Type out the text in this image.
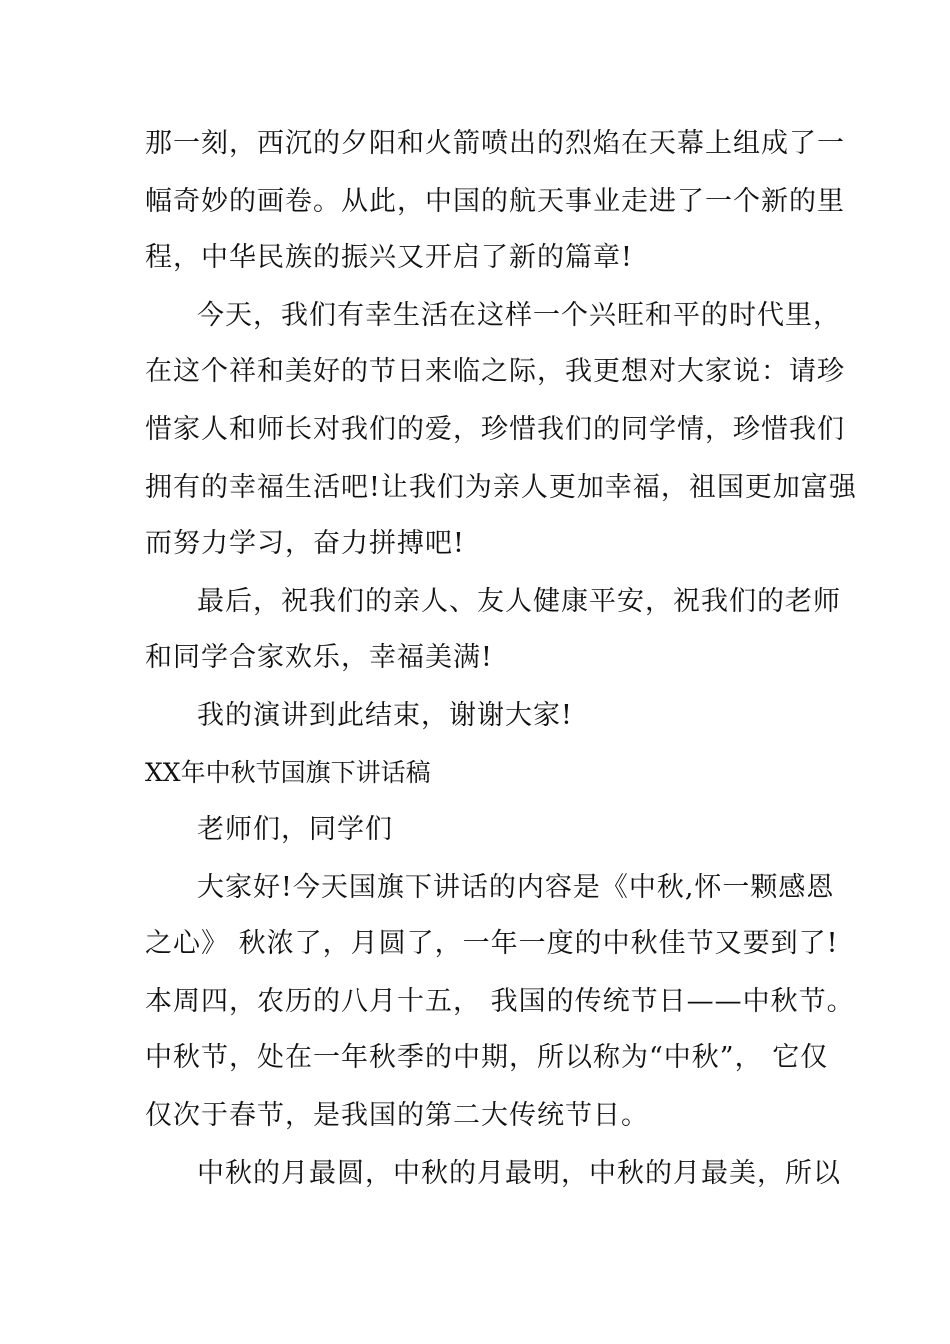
那一刻，西沉的夕阳和火箭喷出的烈焰在天幕上组成了一
幅奇妙的画卷。从此，中国的航天事业走进了一个新的里
程，中华民族的振兴又开启了新的篇章!
今天，我们有幸生活在这样一个兴旺和平的时代里，
在这个祥和美好的节日来临之际，我更想对大家说：请珍
惜家人和师长对我们的爱，珍惜我们的同学情，珍惜我们
拥有的幸福生活吧!让我们为亲人更加幸福，祖国更加富强
而努力学习，奋力拼搏吧!
最后，祝我们的亲人、友人健康平安，祝我们的老师
和同学合家欢乐，幸福美满!
我的演讲到此结束，谢谢大家!
XX年中秋节国旗下讲话稿
老师们，同学们
大家好!今天国旗下讲话的内容是《中秋,怀一颗感恩
之心》 秋浓了，月圆了，一年一度的中秋佳节又要到了!
本周四，农历的八月十五， 我国的传统节日——中秋节。
中秋节，处在一年秋季的中期，所以称为“中秋”， 它仅
仅次于春节，是我国的第二大传统节日。
中秋的月最圆，中秋的月最明，中秋的月最美，所以
